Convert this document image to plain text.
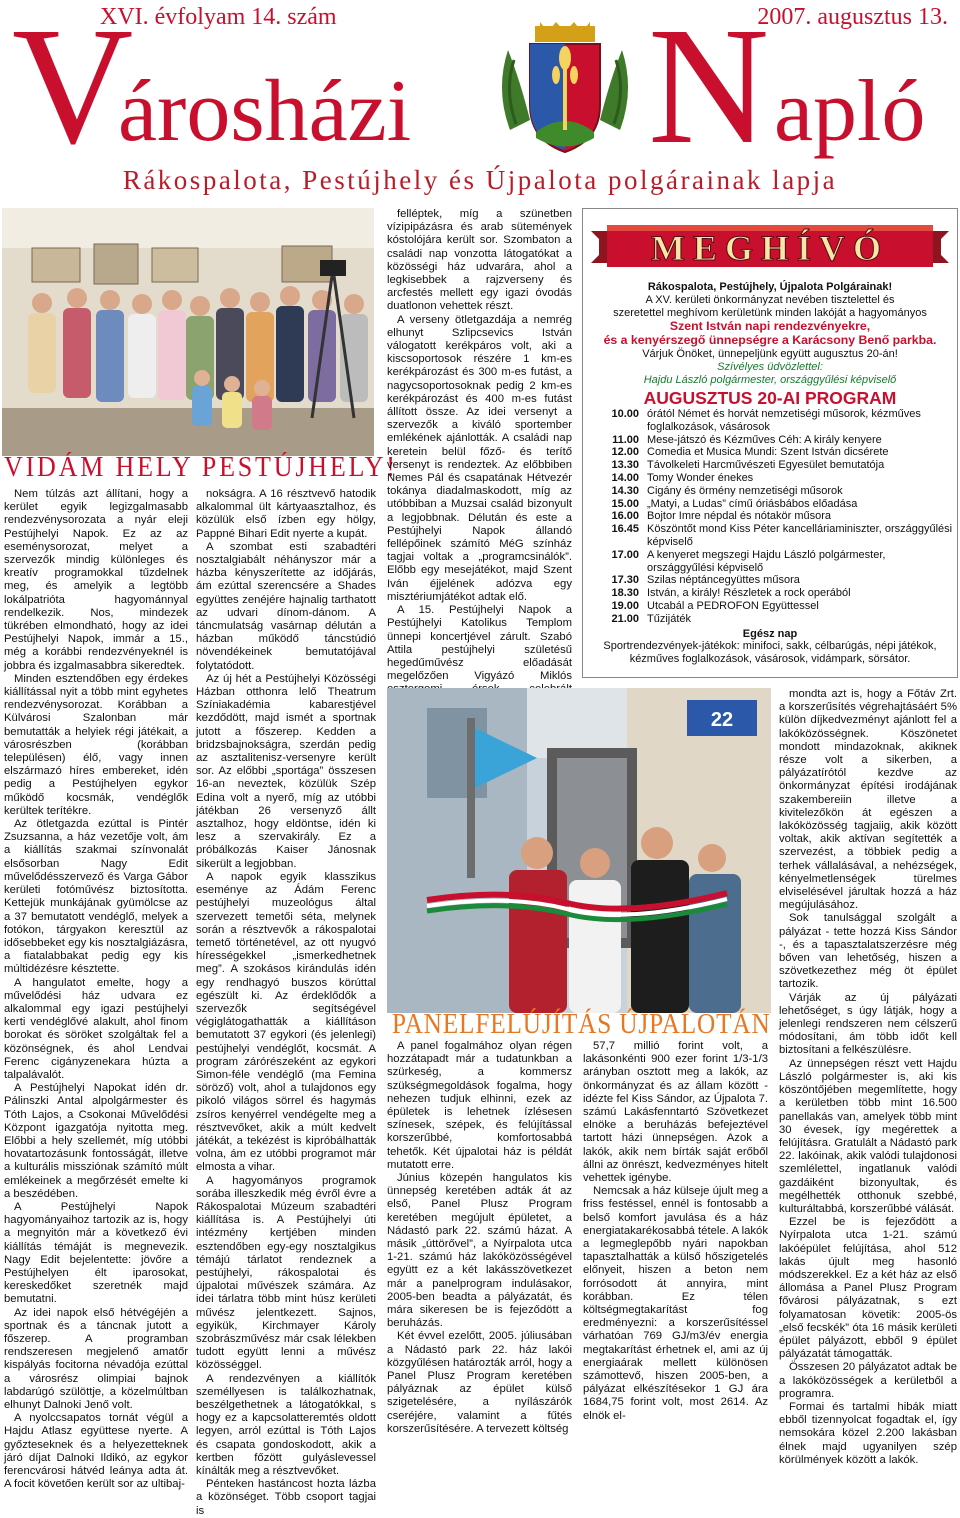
XVI. évfolyam 14. szám	2007. augusztus 13.
V
árosházi N apló
Rákospalota, Pestújhely és Újpalota polgárainak lapja
VIDÁM HELY PESTÚJHELY!

Nem túlzás azt állítani, hogy a kerület egyik legizgalmasabb rendezvénysorozata a nyár eleji Pestújhelyi Napok. Ez az az eseménysorozat, melyet a szervezők mindig különleges és kreatív programokkal tűzdelnek meg, és amelyik a legtöbb lokálpatrióta hagyománnyal rendelkezik. Nos, mindezek tükrében elmondható, hogy az idei Pestújhelyi Napok, immár a 15., még a korábbi rendezvényeknél is jobbra és izgalmasabbra sikeredtek.

Minden esztendőben egy érdekes kiállítással nyit a több mint egyhetes rendezvénysorozat. Korábban a Külvárosi Szalonban már bemutatták a helyiek régi játékait, a városrészben (korábban településen) élő, vagy innen elszármazó híres embereket, idén pedig a Pestújhelyen egykor működő kocsmák, vendéglők kerültek terítékre.

Az ötletgazda ezúttal is Pintér Zsuzsanna, a ház vezetője volt, ám a kiállítás szakmai színvonalát elsősorban Nagy Edit művelődésszervező és Varga Gábor kerületi fotóművész biztosította. Kettejük munkájának gyümölcse az a 37 bemutatott vendéglő, melyek a fotókon, tárgyakon keresztül az idősebbeket egy kis nosztalgiázásra, a fiatalabbakat pedig egy kis múltidézésre késztette.

A hangulatot emelte, hogy a művelődési ház udvara ez alkalommal egy igazi pestújhelyi kerti vendéglővé alakult, ahol finom borokat és söröket szolgáltak fel a közönségnek, és ahol Lendvai Ferenc cigányzenekara húzta a talpalávalót.

A Pestújhelyi Napokat idén dr. Pálinszki Antal alpolgármester és Tóth Lajos, a Csokonai Művelődési Központ igazgatója nyitotta meg. Előbbi a hely szellemét, míg utóbbi hovatartozásunk fontosságát, illetve a kulturális missziónak számító múlt emlékeinek a megőrzését emelte ki a beszédében.

A Pestújhelyi Napok hagyományaihoz tartozik az is, hogy a megnyitón már a következő évi kiállítás témáját is megnevezik. Nagy Edit bejelentette: jövőre a Pestújhelyen élt iparosokat, kereskedőket szeretnék majd bemutatni.

Az idei napok első hétvégéjén a sportnak és a táncnak jutott a főszerep. A programban rendszeresen megjelenő amatőr kispályás focitorna névadója ezúttal a városrész olimpiai bajnok labdarúgó szülöttje, a közelmúltban elhunyt Dalnoki Jenő volt.

A nyolccsapatos tornát végül a Hajdu Atlasz együttese nyerte. A győzteseknek és a helyezetteknek járó díjat Dalnoki Ildikó, az egykor ferencvárosi hátvéd leánya adta át. A focit követően került sor az ultibaj-

nokságra. A 16 résztvevő hatodik alkalommal ült kártyaasztalhoz, és közülük első ízben egy hölgy, Pappné Bihari Edit nyerte a kupát.

A szombat esti szabadtéri nosztalgiabált néhányszor már a házba kényszerítette az időjárás, ám ezúttal szerencsére a Shades együttes zenéjére hajnalig tarthatott az udvari dínom-dánom. A táncmulatság vasárnap délután a házban működő táncstúdió növendékeinek bemutatójával folytatódott.

Az új hét a Pestújhelyi Közösségi Házban otthonra lelő Theatrum Színiakadémia kabarestjével kezdődött, majd ismét a sportnak jutott a főszerep. Kedden a bridzsbajnokságra, szerdán pedig az asztalitenisz-versenyre került sor. Az előbbi „sportága” összesen 16-an neveztek, közülük Szép Edina volt a nyerő, míg az utóbbi játékban 26 versenyző állt asztalhoz, hogy eldöntse, idén ki lesz a szervakirály. Ez a próbálkozás Kaiser Jánosnak sikerült a legjobban.

A napok egyik klasszikus eseménye az Ádám Ferenc pestújhelyi muzeológus által szervezett temetői séta, melynek során a résztvevők a rákospalotai temető történetével, az ott nyugvó hírességekkel „ismerkedhetnek meg”. A szokásos kirándulás idén egy rendhagyó buszos körúttal egészült ki. Az érdeklődők a szervezők segítségével végiglátogathatták a kiállításon bemutatott 37 egykori (és jelenlegi) pestújhelyi vendéglőt, kocsmát. A program zárórészeként az egykori Simon-féle vendéglő (ma Femina söröző) volt, ahol a tulajdonos egy pikoló világos sörrel és hagymás zsíros kenyérrel vendégelte meg a résztvevőket, akik a múlt kedvelt játékát, a tekézést is kipróbálhatták volna, ám ez utóbbi programot már elmosta a vihar.

A hagyományos programok sorába illeszkedik még évről évre a Rákospalotai Múzeum szabadtéri kiállítása is. A Pestújhelyi úti intézmény kertjében minden esztendőben egy-egy nosztalgikus témájú tárlatot rendeznek a pestújhelyi, rákospalotai és újpalotai művészek számára. Az idei tárlatra több mint húsz kerületi művész jelentkezett. Sajnos, egyikük, Kirchmayer Károly szobrászművész már csak lélekben tudott együtt lenni a művész közösséggel.

A rendezvényen a kiállítók személlyesen is találkozhatnak, beszélgethetnek a látogatókkal, s hogy ez a kapcsolatteremtés oldott legyen, arról ezúttal is Tóth Lajos és csapata gondoskodott, akik a kertben főzött gulyáslevessel kínálták meg a résztvevőket.

Pénteken hastáncost hozta lázba a közönséget. Több csoport tagjai is

felléptek, míg a szünetben vízipipázásra és arab sütemények kóstolójára került sor. Szombaton a családi nap vonzotta látogatókat a közösségi ház udvarára, ahol a legkisebbek a rajzverseny és arcfestés mellett egy igazi óvodás duatlonon vehettek részt.

A verseny ötletgazdája a nemrég elhunyt Szlipcsevics István válogatott kerékpáros volt, aki a kiscsoportosok részére 1 km-es kerékpározást és 300 m-es futást, a nagycsoportosoknak pedig 2 km-es kerékpározást és 400 m-es futást állított össze. Az idei versenyt a szervezők a kiváló sportember emlékének ajánlották. A családi nap keretein belül főző- és terítő versenyt is rendeztek. Az előbbiben Nemes Pál és csapatának Hétvezér tokánya diadalmaskodott, míg az utóbbiban a Muzsai család bizonyult a legjobbnak. Délután és este a Pestújhelyi Napok állandó fellépőinek számító MéG színház tagjai voltak a „programcsinálók”. Előbb egy mesejátékot, majd Szent Iván éjjelének adózva egy misztériumjátékot adtak elő.

A 15. Pestújhelyi Napok a Pestújhelyi Katolikus Templom ünnepi koncertjével zárult. Szabó Attila pestújhelyi születésű hegedűművész előadását megelőzően Vigyázó Miklós

MEGHÍVÓ
Rákospalota, Pestújhely, Újpalota Polgárainak!
A XV. kerületi önkormányzat nevében tisztelettel és
szeretettel meghívom kerületünk minden lakóját a hagyományos
Szent István napi rendezvényekre,
és a kenyérszegő ünnepségre a Karácsony Benő parkba.
Várjuk Önöket, ünnepeljünk együtt augusztus 20-án!
Szívélyes üdvözlettel:
Hajdu László polgármester, országgyűlési képviselő
AUGUSZTUS 20-AI PROGRAM
10.00 órától Német és horvát nemzetiségi műsorok, kézműves foglalkozások, vásárosok
11.00 Mese-játszó és Kézműves Céh: A király kenyere
12.00 Comedia et Musica Mundi: Szent István dicsérete
13.30 Távolkeleti Harcművészeti Egyesület bemutatója
14.00 Tomy Wonder énekes
14.30 Cigány és örmény nemzetiségi műsorok
15.00 „Matyi, a Ludas” című óriásbábos előadása
16.00 Bojtor Imre népdal és nótakör műsora
16.45 Köszöntőt mond Kiss Péter kancelláriaminiszter, országgyűlési képviselő
17.00 A kenyeret megszegi Hajdu László polgármester, országgyűlési képviselő
17.30 Szilas néptáncegyüttes műsora
18.30 István, a király! Részletek a rock operából
19.00 Utcabál a PEDROFON Együttessel
21.00 Tűzijáték
Egész nap
Sportrendezvények-játékok: minifoci, sakk, célbarúgás, népi játékok, kézműves foglalkozások, vásárosok, vidámpark, sörsátor.
22
PANELFELÚJÍTÁS ÚJPALOTÁN

A panel fogalmához olyan régen hozzátapadt már a tudatunkban a szürkeség, a kommersz szükségmegoldások fogalma, hogy nehezen tudjuk elhinni, ezek az épületek is lehetnek ízlésesen színesek, szépek, és felújítással korszerűbbé, komfortosabbá tehetők. Két újpalotai ház is példát mutatott erre.

Június közepén hangulatos kis ünnepség keretében adták át az első, Panel Plusz Program keretében megújult épületet, a Nádastó park 22. számú házat. A másik „úttörővel”, a Nyírpalota utca 1-21. számú ház lakóközösségével együtt ez a két lakásszövetkezet már a panelprogram indulásakor, 2005-ben beadta a pályázatát, és mára sikeresen be is fejeződött a beruházás.

Két évvel ezelőtt, 2005. júliusában a Nádastó park 22. ház lakói közgyűlésen határozták arról, hogy a Panel Plusz Program keretében pályáznak az épület külső szigetelésére, a nyílászárók cseréjére, valamint a fűtés korszerűsítésére. A tervezett költség

57,7 millió forint volt, a lakásonkénti 900 ezer forint 1/3-1/3 arányban osztott meg a lakók, az önkormányzat és az állam között - idézte fel Kiss Sándor, az Újpalota 7. számú Lakásfenntartó Szövetkezet elnöke a beruházás befejeztével tartott házi ünnepségen. Azok a lakók, akik nem bírták saját erőből állni az önrészt, kedvezményes hitelt vehettek igénybe.

Nemcsak a ház külseje újult meg a friss festéssel, ennél is fontosabb a belső komfort javulása és a ház energiatakarékosabbá tétele. A lakók a legmeglepőbb nyári napokban tapasztalhatták a külső hőszigetelés előnyeit, hiszen a beton nem forrósodott át annyira, mint korábban. Ez télen költségmegtakarítást fog eredményezni: a korszerűsítéssel várhatóan 769 GJ/m3/év energia megtakarítást érhetnek el, ami az új energiaárak mellett különösen számottevő, hiszen 2005-ben, a pályázat elkészítésekor 1 GJ ára 1684,75 forint volt, most 2614. Az elnök el-

mondta azt is, hogy a Főtáv Zrt. a korszerűsítés végrehajtásáért 5% külön díjkedvezményt ajánlott fel a lakóközösségnek. Köszönetet mondott mindazoknak, akiknek része volt a sikerben, a pályázatírótól kezdve az önkormányzat építési irodájának szakembereiin illetve a kivitelezőkön át egészen a lakóközösség tagjaiig, akik között voltak, akik aktívan segítették a szervezést, a többiek pedig a terhek vállalásával, a nehézségek, kényelmetlenségek türelmes elviselésével járultak hozzá a ház megújulásához.

Sok tanulsággal szolgált a pályázat - tette hozzá Kiss Sándor -, és a tapasztalatszerzésre még bőven van lehetőség, hiszen a szövetkezethez még öt épület tartozik.

Várják az új pályázati lehetőséget, s úgy látják, hogy a jelenlegi rendszeren nem célszerű módosítani, ám több időt kell biztosítani a felkészülésre.

Az ünnepségen részt vett Hajdu László polgármester is, aki kis köszöntőjében megemlítette, hogy a kerületben több mint 16.500 panellakás van, amelyek több mint 30 évesek, így megérettek a felújításra. Gratulált a Nádastó park 22. lakóinak, akik valódi tulajdonosi szemlélettel, ingatlanuk valódi gazdáiként bizonyultak, és megélhették otthonuk szebbé, kulturáltabbá, korszerűbbé válását.

Ezzel be is fejeződött a Nyírpalota utca 1-21. számú lakóépület felújítása, ahol 512 lakás újult meg hasonló módszerekkel. Ez a két ház az első állomása a Panel Plusz Program fővárosi pályázatnak, s ezt folyamatosan követik: 2005-ös „első fecskék” óta 16 másik kerületi épület pályázott, ebből 9 épület pályázatát támogatták.

Összesen 20 pályázatot adtak be a lakóközösségek a kerületből a programra.

Formai és tartalmi hibák miatt ebből tizennyolcat fogadtak el, így nemsokára közel 2.200 lakásban élnek majd ugyanilyen szép körülmények között a lakók.
